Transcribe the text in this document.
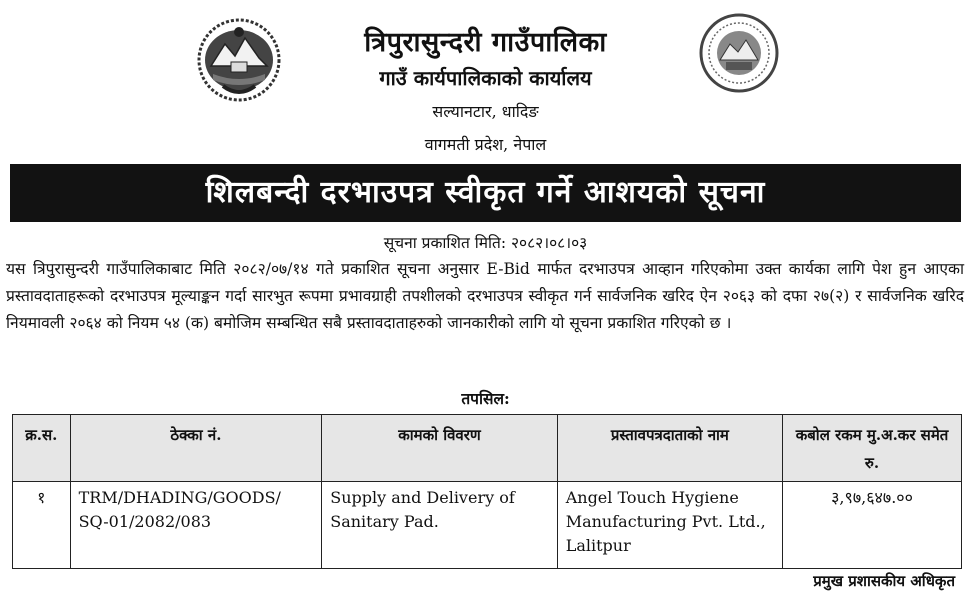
त्रिपुरासुन्दरी गाउँपालिका
गाउँ कार्यपालिकाको कार्यालय
सल्यानटार, धादिङ
वागमती प्रदेश, नेपाल
शिलबन्दी दरभाउपत्र स्वीकृत गर्ने आशयको सूचना
सूचना प्रकाशित मिति: २०८२।०८।०३
यस त्रिपुरासुन्दरी गाउँपालिकाबाट मिति २०८२/०७/१४ गते प्रकाशित सूचना अनुसार E-Bid मार्फत दरभाउपत्र आव्हान गरिएकोमा उक्त कार्यका लागि पेश हुन आएका प्रस्तावदाताहरूको दरभाउपत्र मूल्याङ्कन गर्दा सारभुत रूपमा प्रभावग्राही तपशीलको दरभाउपत्र स्वीकृत गर्न सार्वजनिक खरिद ऐन २०६३ को दफा २७(२) र सार्वजनिक खरिद नियमावली २०६४ को नियम ५४ (क) बमोजिम सम्बन्धित सबै प्रस्तावदाताहरुको जानकारीको लागि यो सूचना प्रकाशित गरिएको छ ।
तपसिल:
क्र.स.	ठेक्का नं.	कामको विवरण	प्रस्तावपत्रदाताको नाम	कबोल रकम मु.अ.कर समेत रु.
१	TRM/DHADING/GOODS/ SQ-01/2082/083	Supply and Delivery of Sanitary Pad.	Angel Touch Hygiene Manufacturing Pvt. Ltd., Lalitpur	३,९७,६४७.००
प्रमुख प्रशासकीय अधिकृत
